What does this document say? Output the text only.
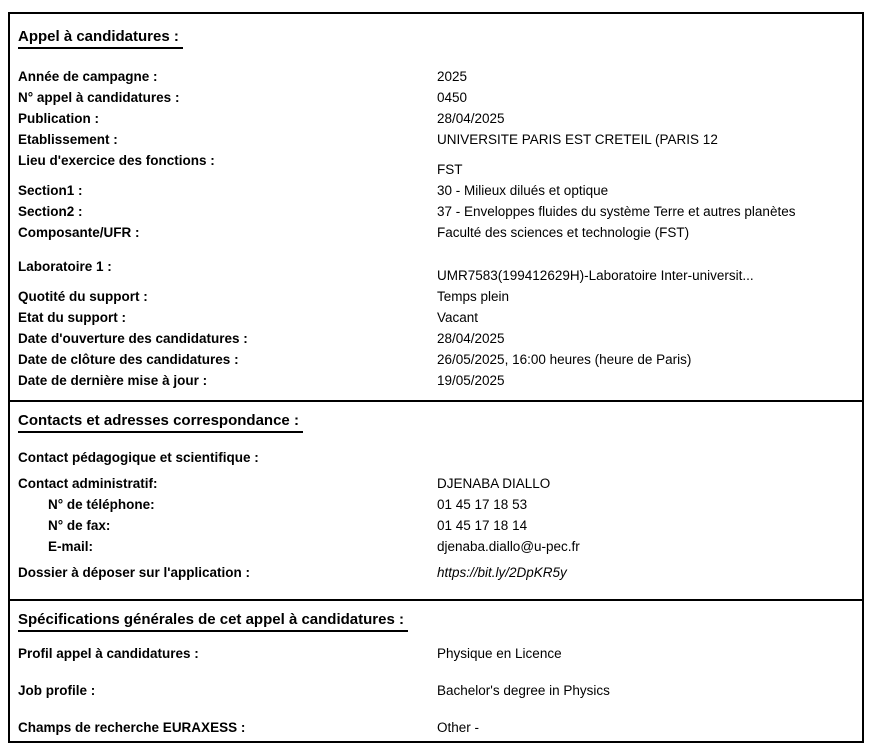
Appel à candidatures :
Année de campagne :	2025
N° appel à candidatures :	0450
Publication :	28/04/2025
Etablissement :	UNIVERSITE PARIS EST CRETEIL (PARIS 12
Lieu d'exercice des fonctions :
FST
Section1 :	30 - Milieux dilués et optique
Section2 :	37 - Enveloppes fluides du système Terre et autres planètes
Composante/UFR :	Faculté des sciences et technologie (FST)
Laboratoire 1 :
UMR7583(199412629H)-Laboratoire Inter-universit...
Quotité du support :	Temps plein
Etat du support :	Vacant
Date d'ouverture des candidatures :	28/04/2025
Date de clôture des candidatures :	26/05/2025, 16:00 heures (heure de Paris)
Date de dernière mise à jour :	19/05/2025
Contacts et adresses correspondance :
Contact pédagogique et scientifique :
Contact administratif:	DJENABA DIALLO
N° de téléphone:	01 45 17 18 53
N° de fax:	01 45 17 18 14
E-mail:	djenaba.diallo@u-pec.fr
Dossier à déposer sur l'application :	https://bit.ly/2DpKR5y
Spécifications générales de cet appel à candidatures :
Profil appel à candidatures :	Physique en Licence
Job profile :	Bachelor's degree in Physics
Champs de recherche EURAXESS :	Other -
